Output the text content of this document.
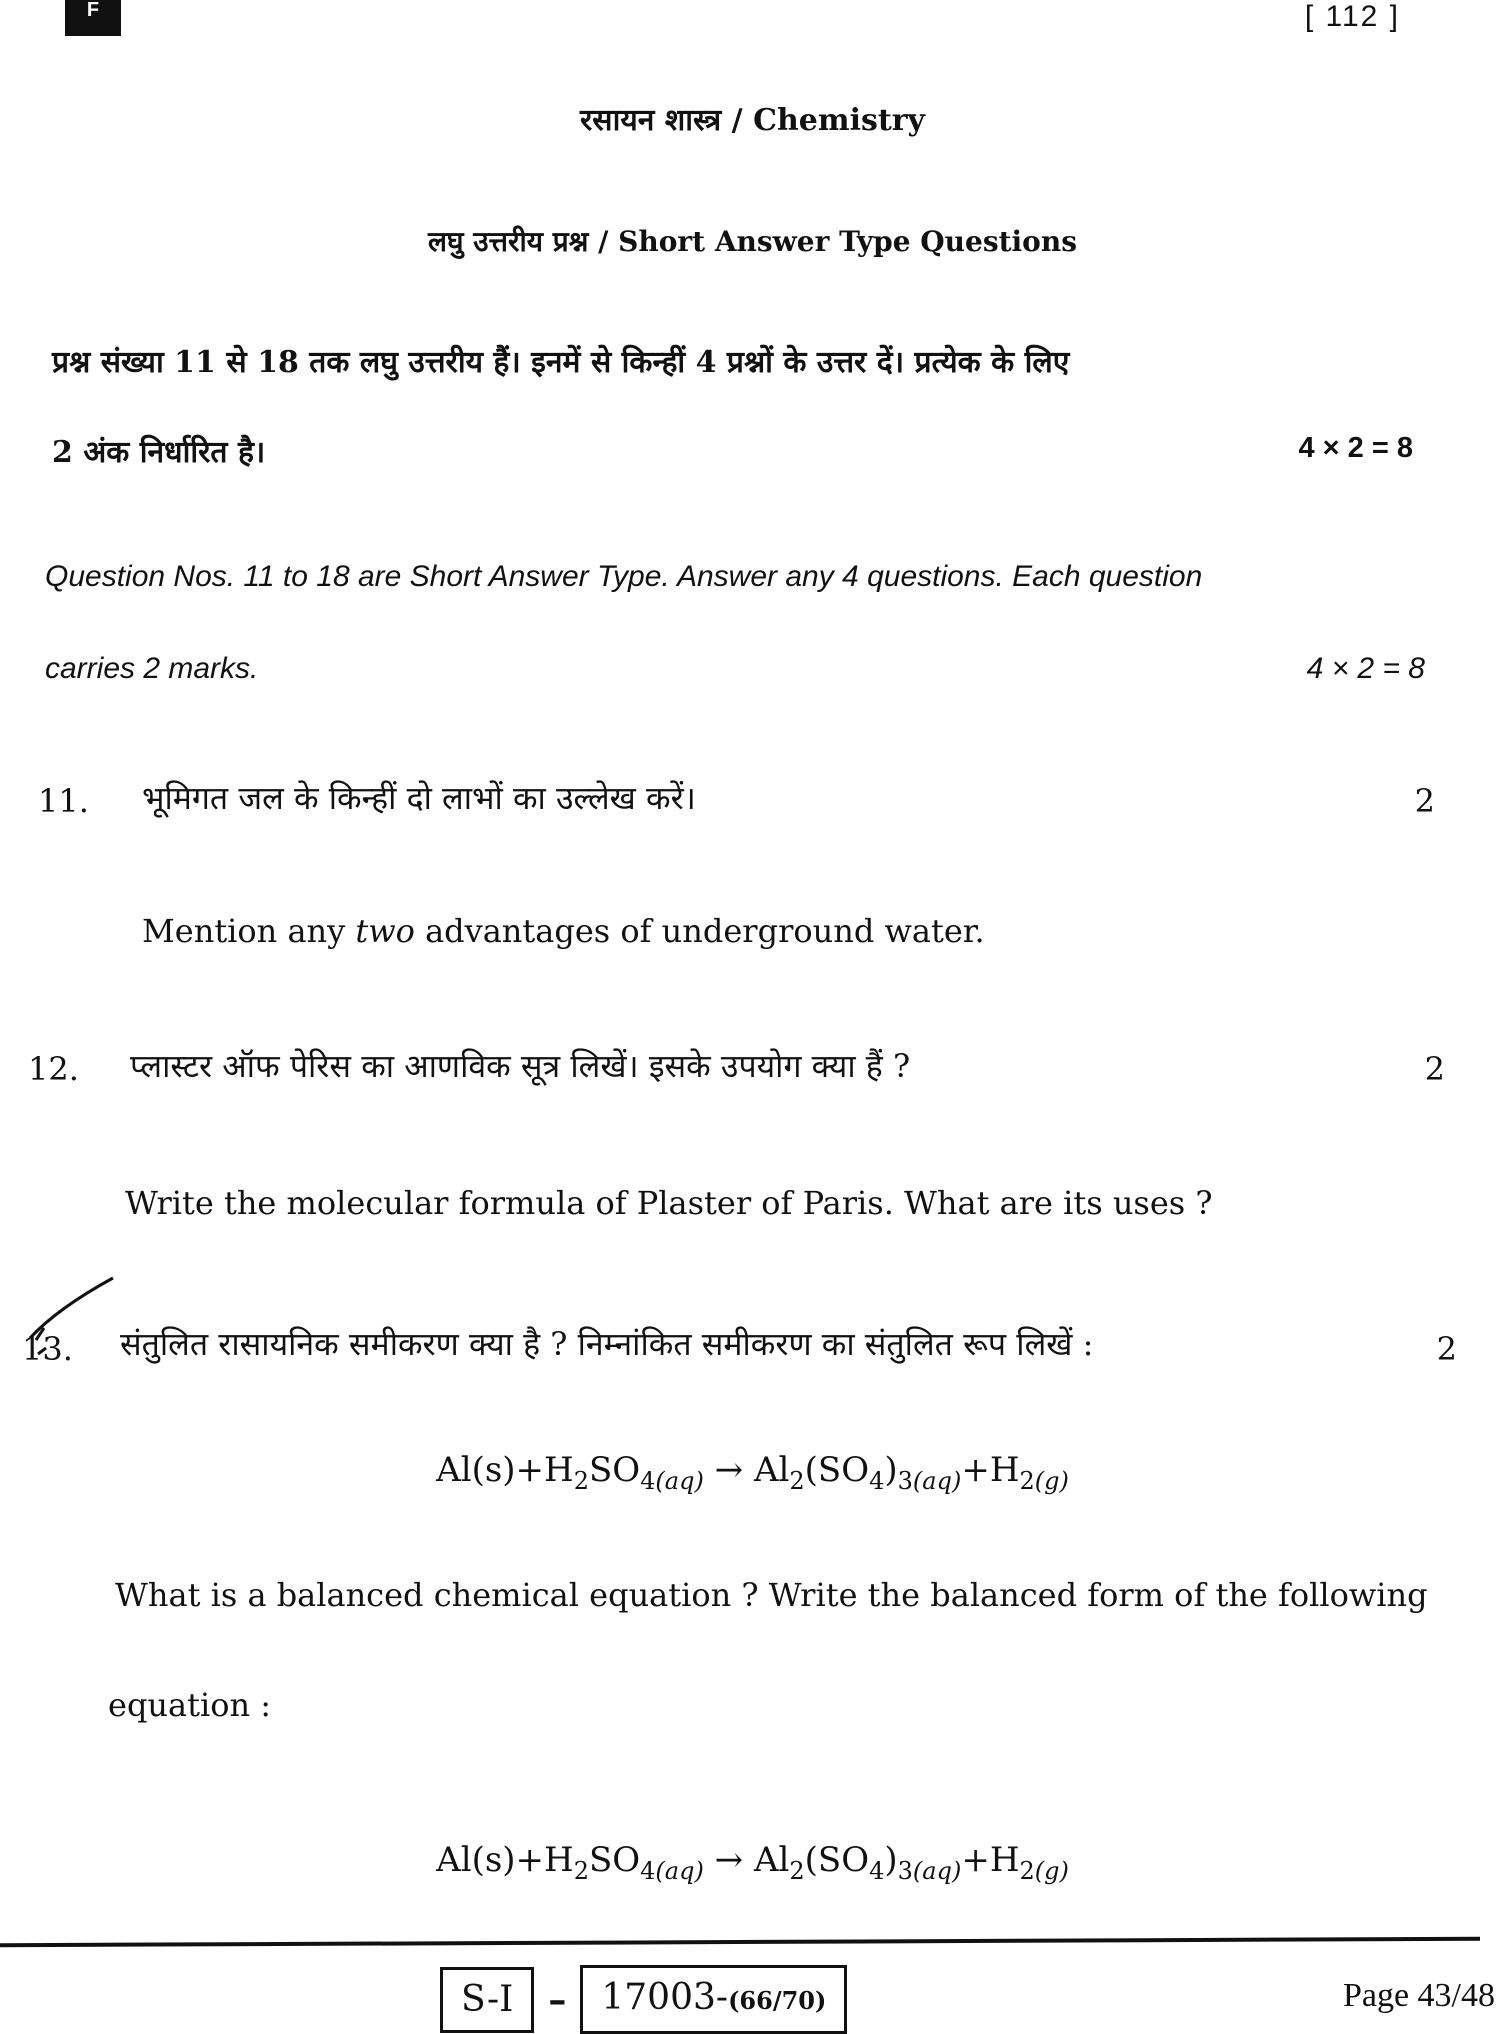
F	[ 112 ]
रसायन शास्त्र / Chemistry
लघु उत्तरीय प्रश्न / Short Answer Type Questions
प्रश्न संख्या 11 से 18 तक लघु उत्तरीय हैं। इनमें से किन्हीं 4 प्रश्नों के उत्तर दें। प्रत्येक के लिए
2 अंक निर्धारित है।	4 × 2 = 8
Question Nos. 11 to 18 are Short Answer Type. Answer any 4 questions. Each question
carries 2 marks.	4 × 2 = 8
11. भूमिगत जल के किन्हीं दो लाभों का उल्लेख करें।	2
Mention any two advantages of underground water.
12. प्लास्टर ऑफ पेरिस का आणविक सूत्र लिखें। इसके उपयोग क्या हैं ?	2
Write the molecular formula of Plaster of Paris. What are its uses ?
13. संतुलित रासायनिक समीकरण क्या है ? निम्नांकित समीकरण का संतुलित रूप लिखें :	2
$Al(s)+H_2SO_{4(aq)} \to Al_2(SO_4)_{3(aq)}+H_{2(g)}$
What is a balanced chemical equation ? Write the balanced form of the following
equation :
$Al(s)+H_2SO_{4(aq)} \to Al_2(SO_4)_{3(aq)}+H_{2(g)}$
S-I – 17003-(66/70)	Page 43/48
